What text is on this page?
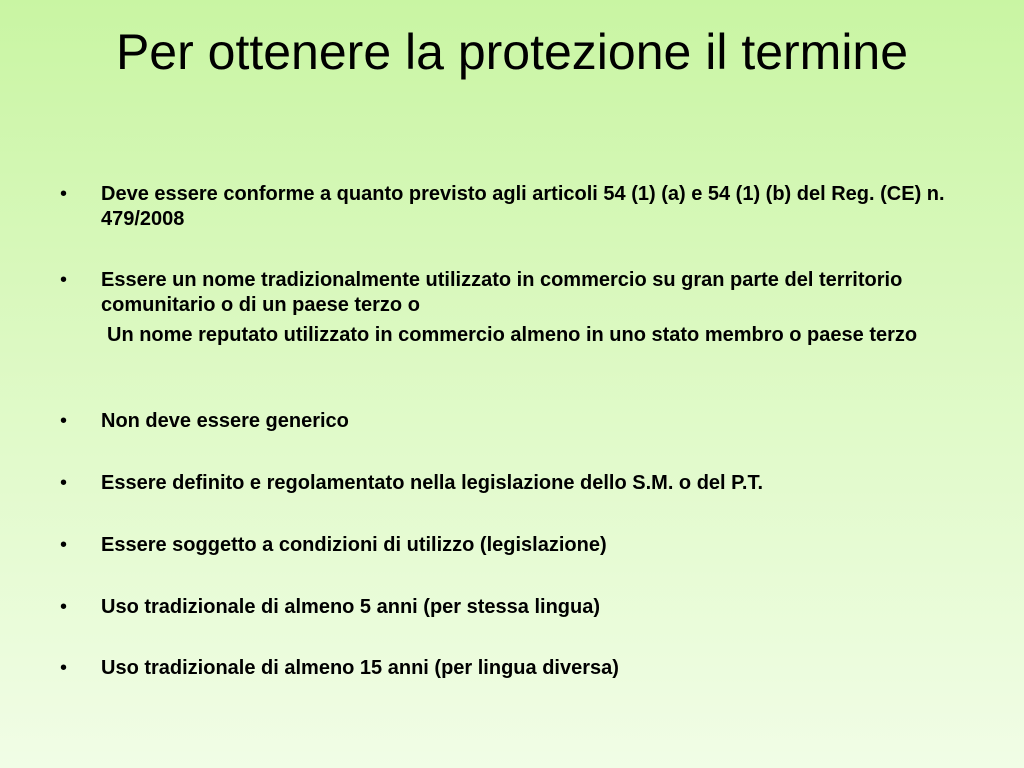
Per ottenere la protezione il termine
•	Deve essere conforme a quanto previsto agli articoli 54 (1) (a) e 54 (1) (b) del Reg. (CE) n. 479/2008
•	Essere un nome tradizionalmente utilizzato in commercio su gran parte del territorio comunitario o di un paese terzo o
Un nome reputato utilizzato in commercio almeno in uno stato membro o paese terzo
•	Non deve essere generico
•	Essere definito e regolamentato nella legislazione dello S.M. o del P.T.
•	Essere soggetto a condizioni di utilizzo (legislazione)
•	Uso tradizionale di almeno 5 anni (per stessa lingua)
•	Uso tradizionale di almeno 15 anni (per lingua diversa)
